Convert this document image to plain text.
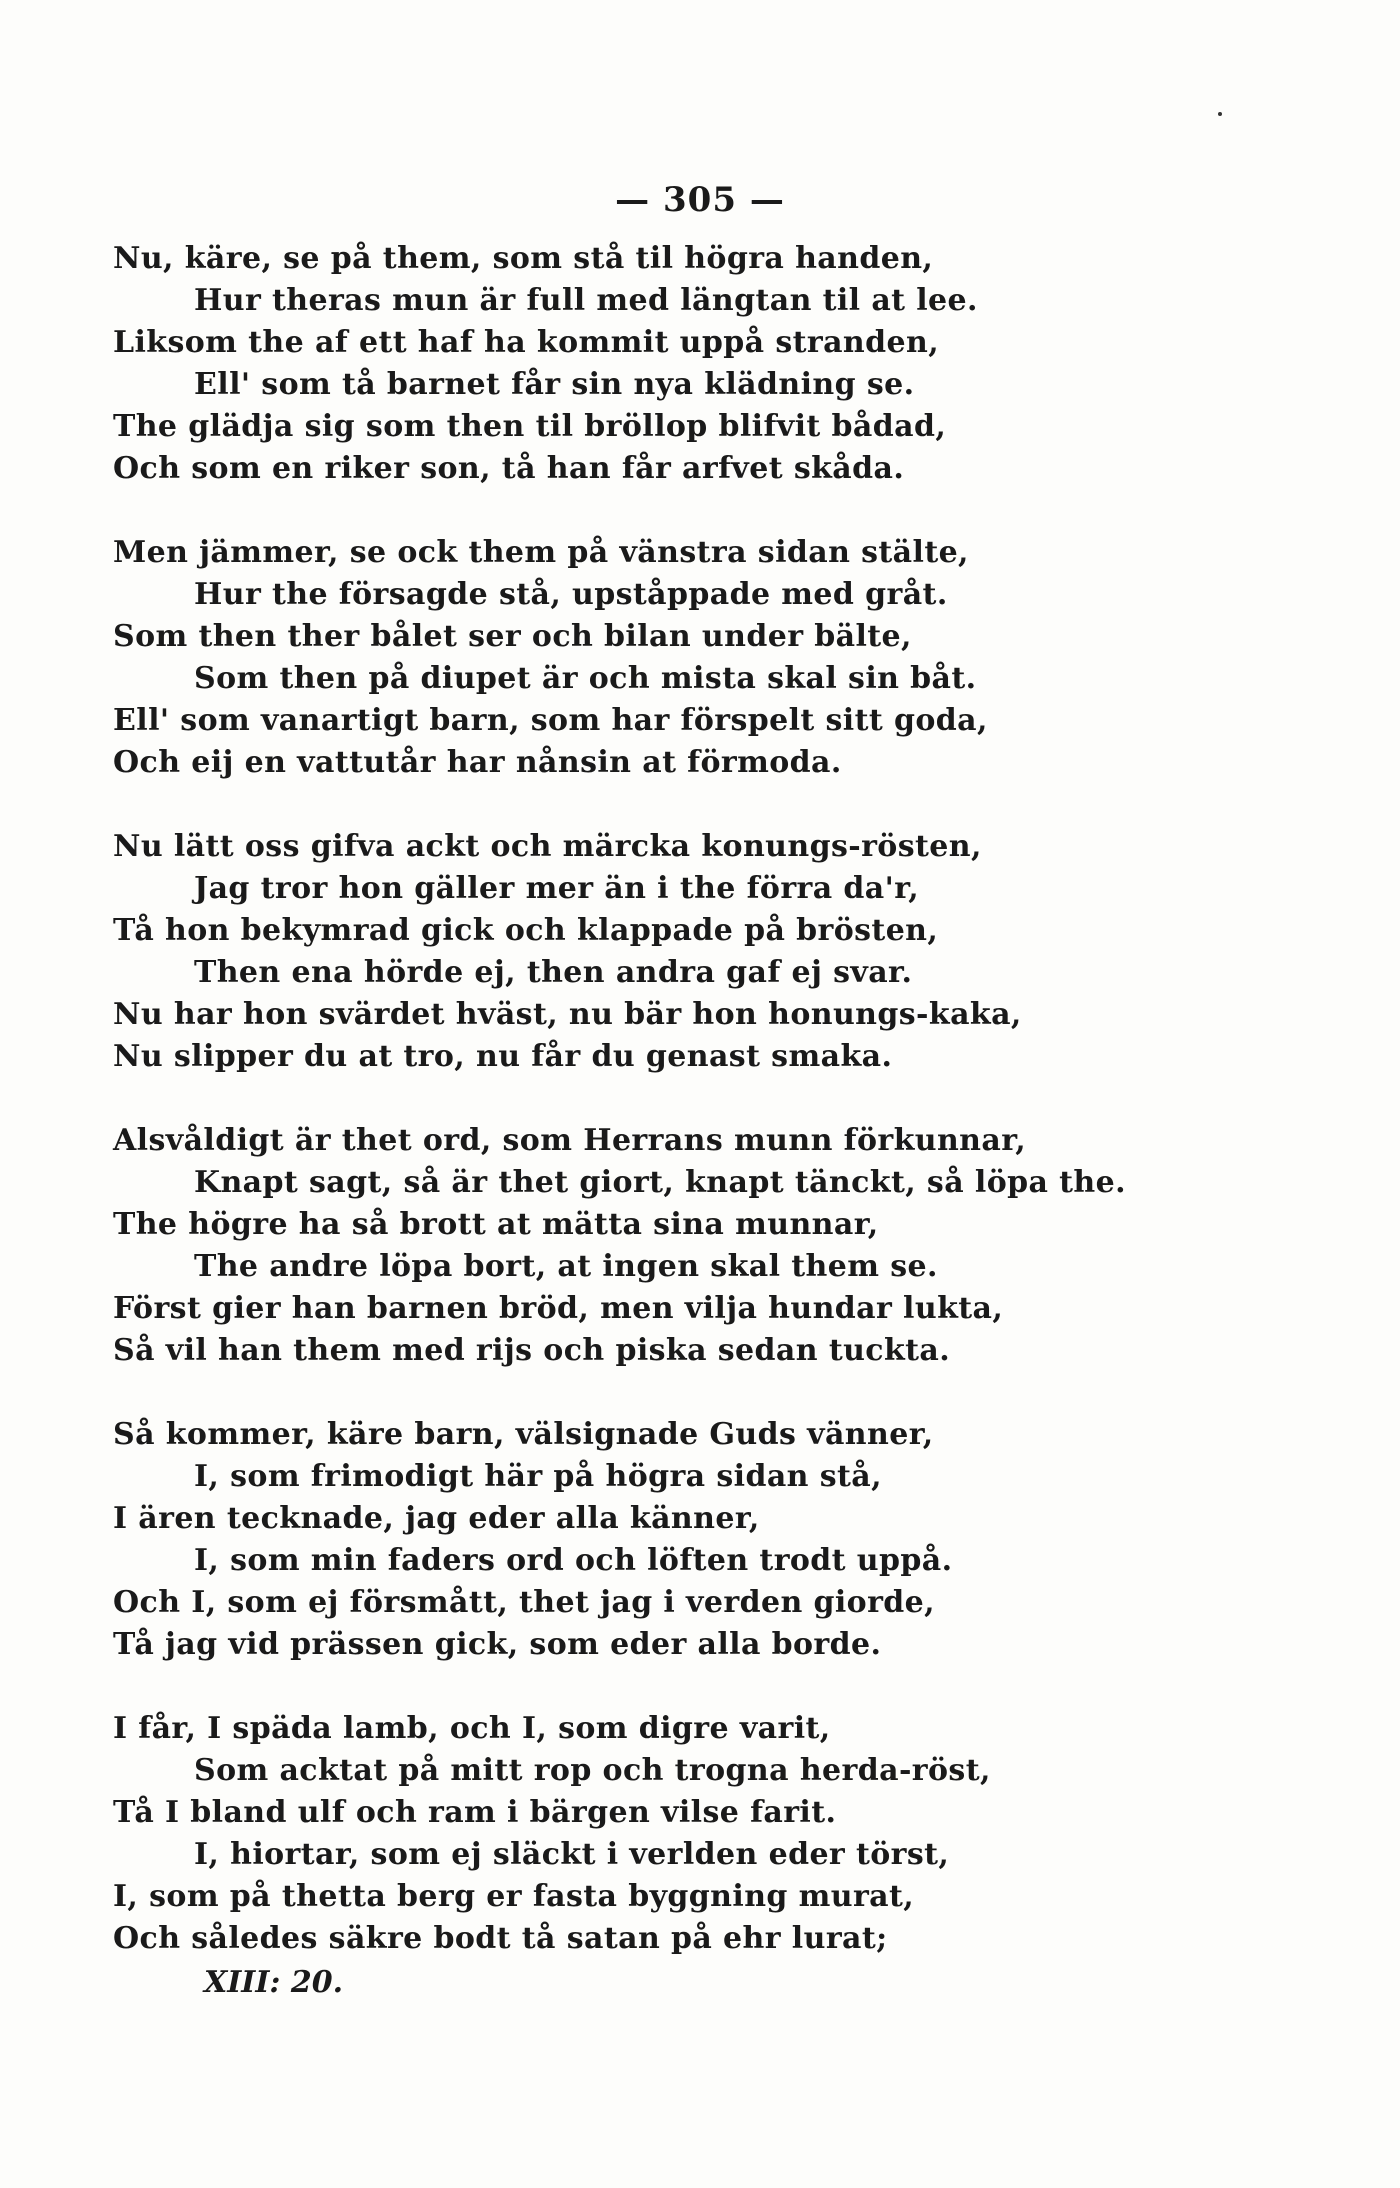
— 305 —
Nu, käre, se på them, som stå til högra handen,
Hur theras mun är full med längtan til at lee.
Liksom the af ett haf ha kommit uppå stranden,
Ell' som tå barnet får sin nya klädning se.
The glädja sig som then til bröllop blifvit bådad,
Och som en riker son, tå han får arfvet skåda.
Men jämmer, se ock them på vänstra sidan stälte,
Hur the försagde stå, upståppade med gråt.
Som then ther bålet ser och bilan under bälte,
Som then på diupet är och mista skal sin båt.
Ell' som vanartigt barn, som har förspelt sitt goda,
Och eij en vattutår har nånsin at förmoda.
Nu lätt oss gifva ackt och märcka konungs-rösten,
Jag tror hon gäller mer än i the förra da'r,
Tå hon bekymrad gick och klappade på brösten,
Then ena hörde ej, then andra gaf ej svar.
Nu har hon svärdet hväst, nu bär hon honungs-kaka,
Nu slipper du at tro, nu får du genast smaka.
Alsvåldigt är thet ord, som Herrans munn förkunnar,
Knapt sagt, så är thet giort, knapt tänckt, så löpa the.
The högre ha så brott at mätta sina munnar,
The andre löpa bort, at ingen skal them se.
Först gier han barnen bröd, men vilja hundar lukta,
Så vil han them med rijs och piska sedan tuckta.
Så kommer, käre barn, välsignade Guds vänner,
I, som frimodigt här på högra sidan stå,
I ären tecknade, jag eder alla känner,
I, som min faders ord och löften trodt uppå.
Och I, som ej försmått, thet jag i verden giorde,
Tå jag vid prässen gick, som eder alla borde.
I får, I späda lamb, och I, som digre varit,
Som acktat på mitt rop och trogna herda-röst,
Tå I bland ulf och ram i bärgen vilse farit.
I, hiortar, som ej släckt i verlden eder törst,
I, som på thetta berg er fasta byggning murat,
Och således säkre bodt tå satan på ehr lurat;
XIII: 20.
